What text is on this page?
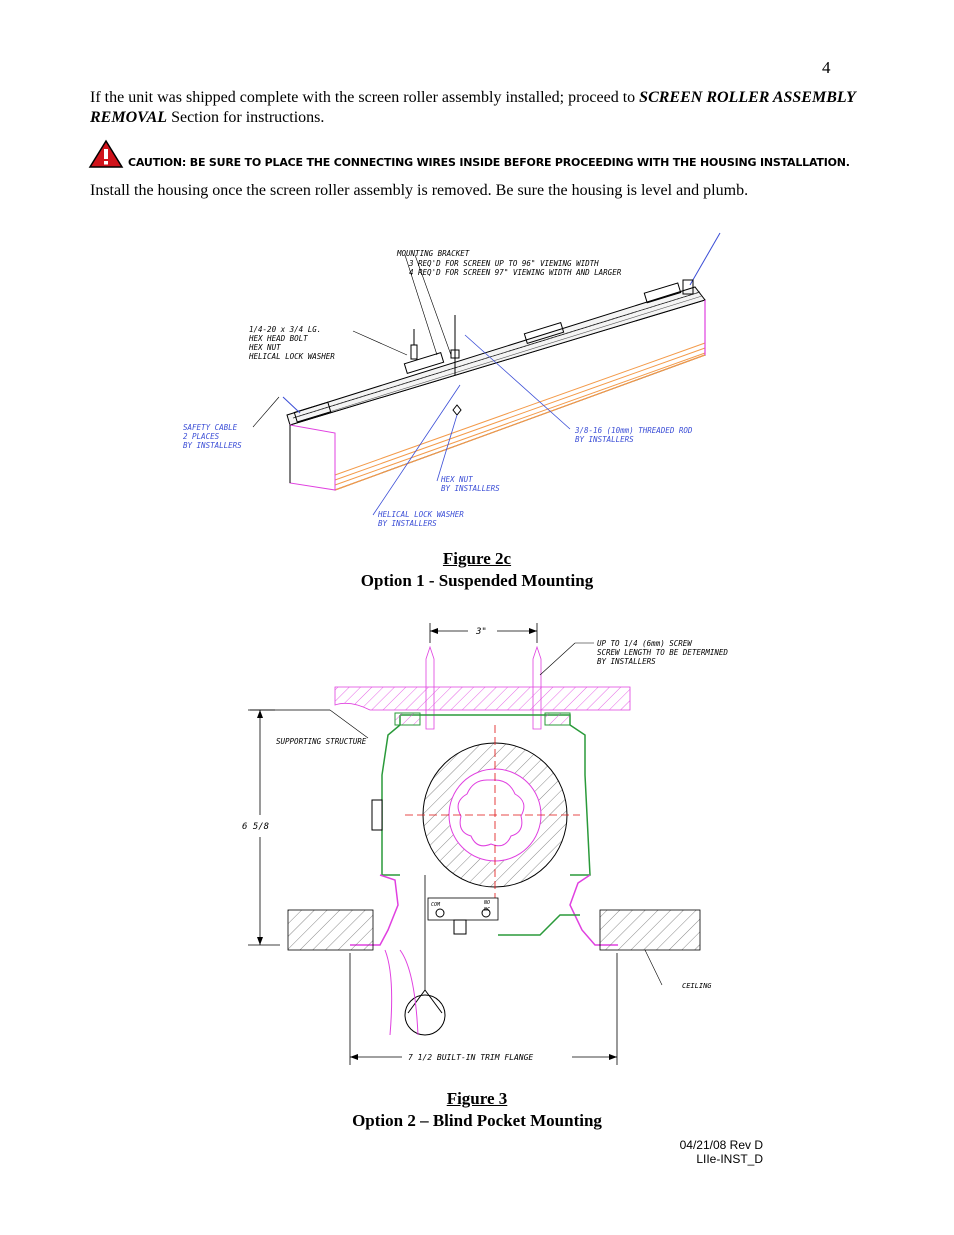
4
If the unit was shipped complete with the screen roller assembly installed; proceed to SCREEN ROLLER ASSEMBLY REMOVAL Section for instructions.
CAUTION: BE SURE TO PLACE THE CONNECTING WIRES INSIDE BEFORE PROCEEDING WITH THE HOUSING INSTALLATION.
Install the housing once the screen roller assembly is removed. Be sure the housing is level and plumb.
MOUNTING BRACKET
3 REQ'D FOR SCREEN UP TO 96" VIEWING WIDTH
4 REQ'D FOR SCREEN 97" VIEWING WIDTH AND LARGER
1/4-20 x 3/4 LG.
HEX HEAD BOLT
HEX NUT
HELICAL LOCK WASHER
SAFETY CABLE
2 PLACES
BY INSTALLERS
3/8-16 (10mm) THREADED ROD
BY INSTALLERS
HEX NUT
BY INSTALLERS
HELICAL LOCK WASHER
BY INSTALLERS
Figure 2c
Option 1 - Suspended Mounting
3"
UP TO 1/4 (6mm) SCREW
SCREW LENGTH TO BE DETERMINED
BY INSTALLERS
SUPPORTING STRUCTURE
6 5/8
COM	NO
NC
CEILING
7 1/2 BUILT-IN TRIM FLANGE
Figure 3
Option 2 – Blind Pocket Mounting
04/21/08 Rev D
LIIe-INST_D
